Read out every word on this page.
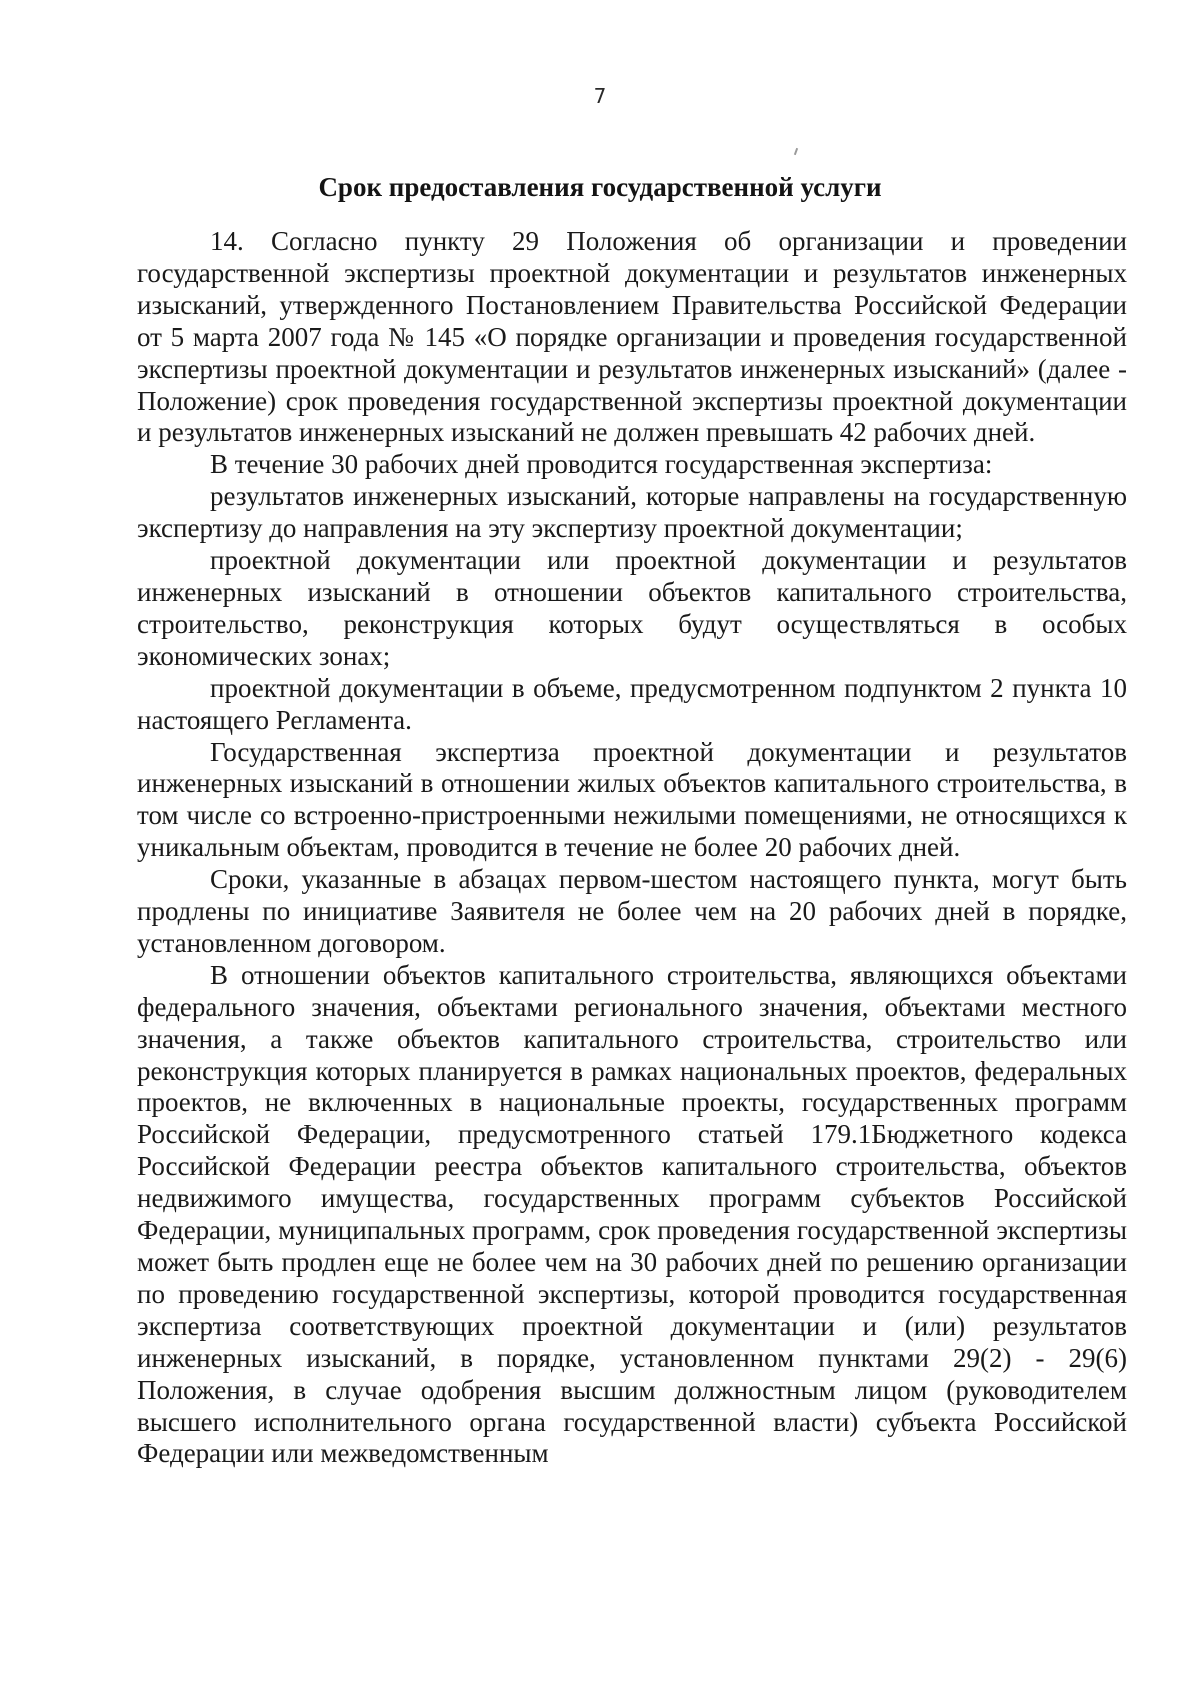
7
Срок предоставления государственной услуги

14. Согласно пункту 29 Положения об организации и проведении государственной экспертизы проектной документации и результатов инженерных изысканий, утвержденного Постановлением Правительства Российской Федерации от 5 марта 2007 года № 145 «О порядке организации и проведения государственной экспертизы проектной документации и результатов инженерных изысканий» (далее - Положение) срок проведения государственной экспертизы проектной документации и результатов инженерных изысканий не должен превышать 42 рабочих дней.

В течение 30 рабочих дней проводится государственная экспертиза:

результатов инженерных изысканий, которые направлены на государственную экспертизу до направления на эту экспертизу проектной документации;

проектной документации или проектной документации и результатов инженерных изысканий в отношении объектов капитального строительства, строительство, реконструкция которых будут осуществляться в особых экономических зонах;

проектной документации в объеме, предусмотренном подпунктом 2 пункта 10 настоящего Регламента.

Государственная экспертиза проектной документации и результатов инженерных изысканий в отношении жилых объектов капитального строительства, в том числе со встроенно-пристроенными нежилыми помещениями, не относящихся к уникальным объектам, проводится в течение не более 20 рабочих дней.

Сроки, указанные в абзацах первом-шестом настоящего пункта, могут быть продлены по инициативе Заявителя не более чем на 20 рабочих дней в порядке, установленном договором.

В отношении объектов капитального строительства, являющихся объектами федерального значения, объектами регионального значения, объектами местного значения, а также объектов капитального строительства, строительство или реконструкция которых планируется в рамках национальных проектов, федеральных проектов, не включенных в национальные проекты, государственных программ Российской Федерации, предусмотренного статьей 179.1Бюджетного кодекса Российской Федерации реестра объектов капитального строительства, объектов недвижимого имущества, государственных программ субъектов Российской Федерации, муниципальных программ, срок проведения государственной экспертизы может быть продлен еще не более чем на 30 рабочих дней по решению организации по проведению государственной экспертизы, которой проводится государственная экспертиза соответствующих проектной документации и (или) результатов инженерных изысканий, в порядке, установленном пунктами 29(2) - 29(6) Положения, в случае одобрения высшим должностным лицом (руководителем высшего исполнительного органа государственной власти) субъекта Российской Федерации или межведомственным
